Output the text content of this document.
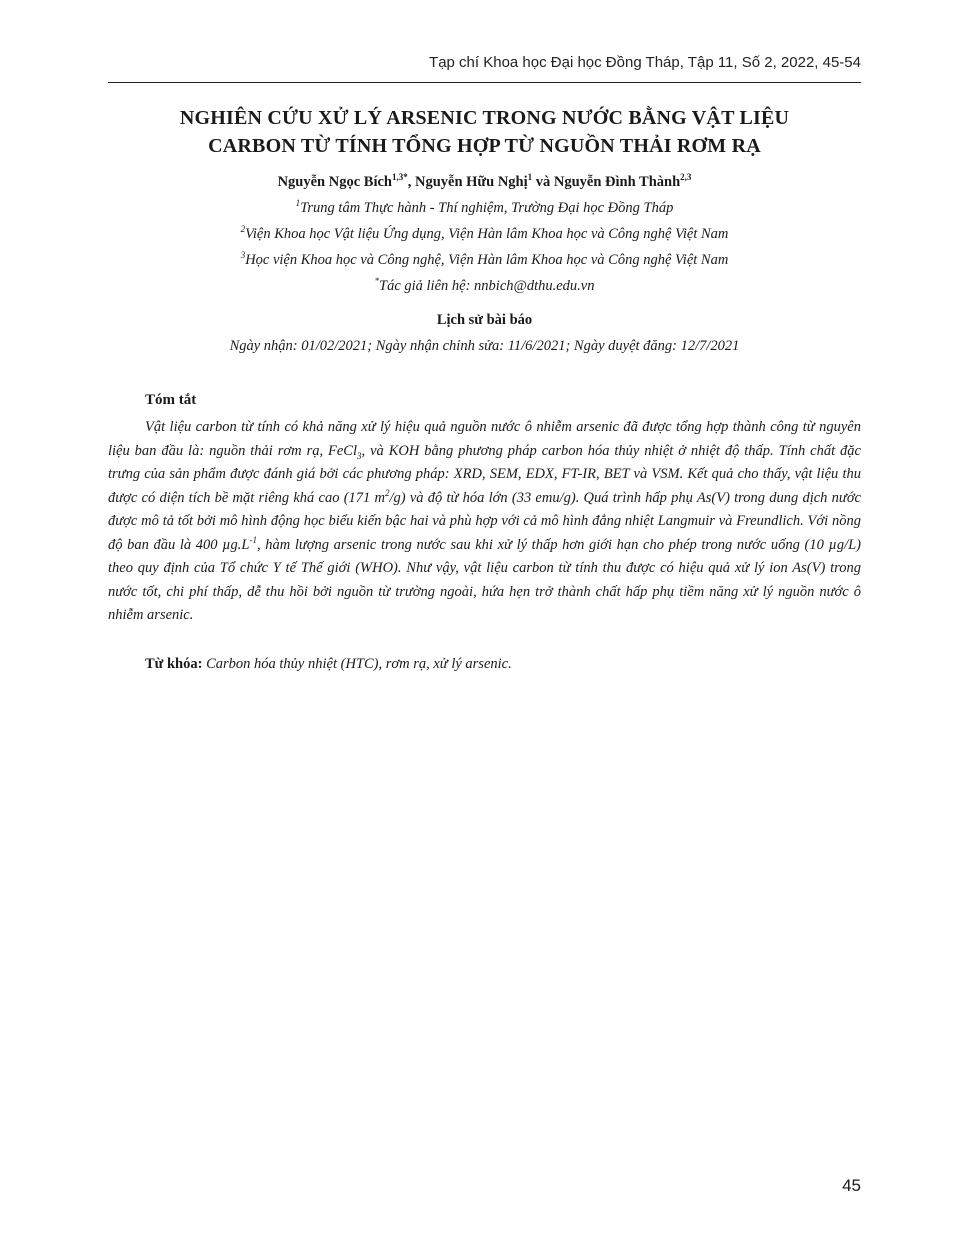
Tạp chí Khoa học Đại học Đồng Tháp, Tập 11, Số 2, 2022, 45-54
NGHIÊN CỨU XỬ LÝ ARSENIC TRONG NƯỚC BẰNG VẬT LIỆU
CARBON TỪ TÍNH TỔNG HỢP TỪ NGUỒN THẢI RƠM RẠ
Nguyễn Ngọc Bích$^{1,3*}$, Nguyễn Hữu Nghị$^1$ và Nguyễn Đình Thành$^{2,3}$
$^1$Trung tâm Thực hành - Thí nghiệm, Trường Đại học Đồng Tháp
$^2$Viện Khoa học Vật liệu Ứng dụng, Viện Hàn lâm Khoa học và Công nghệ Việt Nam
$^3$Học viện Khoa học và Công nghệ, Viện Hàn lâm Khoa học và Công nghệ Việt Nam
*Tác giả liên hệ: nnbich@dthu.edu.vn
Lịch sử bài báo
Ngày nhận: 01/02/2021; Ngày nhận chỉnh sửa: 11/6/2021; Ngày duyệt đăng: 12/7/2021
Tóm tắt
Vật liệu carbon từ tính có khả năng xử lý hiệu quả nguồn nước ô nhiễm arsenic đã được tổng hợp thành công từ nguyên liệu ban đầu là: nguồn thải rơm rạ, FeCl$_3$, và KOH bằng phương pháp carbon hóa thủy nhiệt ở nhiệt độ thấp. Tính chất đặc trưng của sản phẩm được đánh giá bởi các phương pháp: XRD, SEM, EDX, FT-IR, BET và VSM. Kết quả cho thấy, vật liệu thu được có diện tích bề mặt riêng khá cao (171 $m^2/g$) và độ từ hóa lớn (33 emu/g). Quá trình hấp phụ As(V) trong dung dịch nước được mô tả tốt bởi mô hình động học biểu kiến bậc hai và phù hợp với cả mô hình đẳng nhiệt Langmuir và Freundlich. Với nồng độ ban đầu là 400 $\mu g.L^{-1}$, hàm lượng arsenic trong nước sau khi xử lý thấp hơn giới hạn cho phép trong nước uống (10 µg/L) theo quy định của Tổ chức Y tế Thế giới (WHO). Như vậy, vật liệu carbon từ tính thu được có hiệu quả xử lý ion As(V) trong nước tốt, chi phí thấp, dễ thu hồi bởi nguồn từ trường ngoài, hứa hẹn trở thành chất hấp phụ tiềm năng xử lý nguồn nước ô nhiễm arsenic.
Từ khóa: Carbon hóa thủy nhiệt (HTC), rơm rạ, xử lý arsenic.
45
